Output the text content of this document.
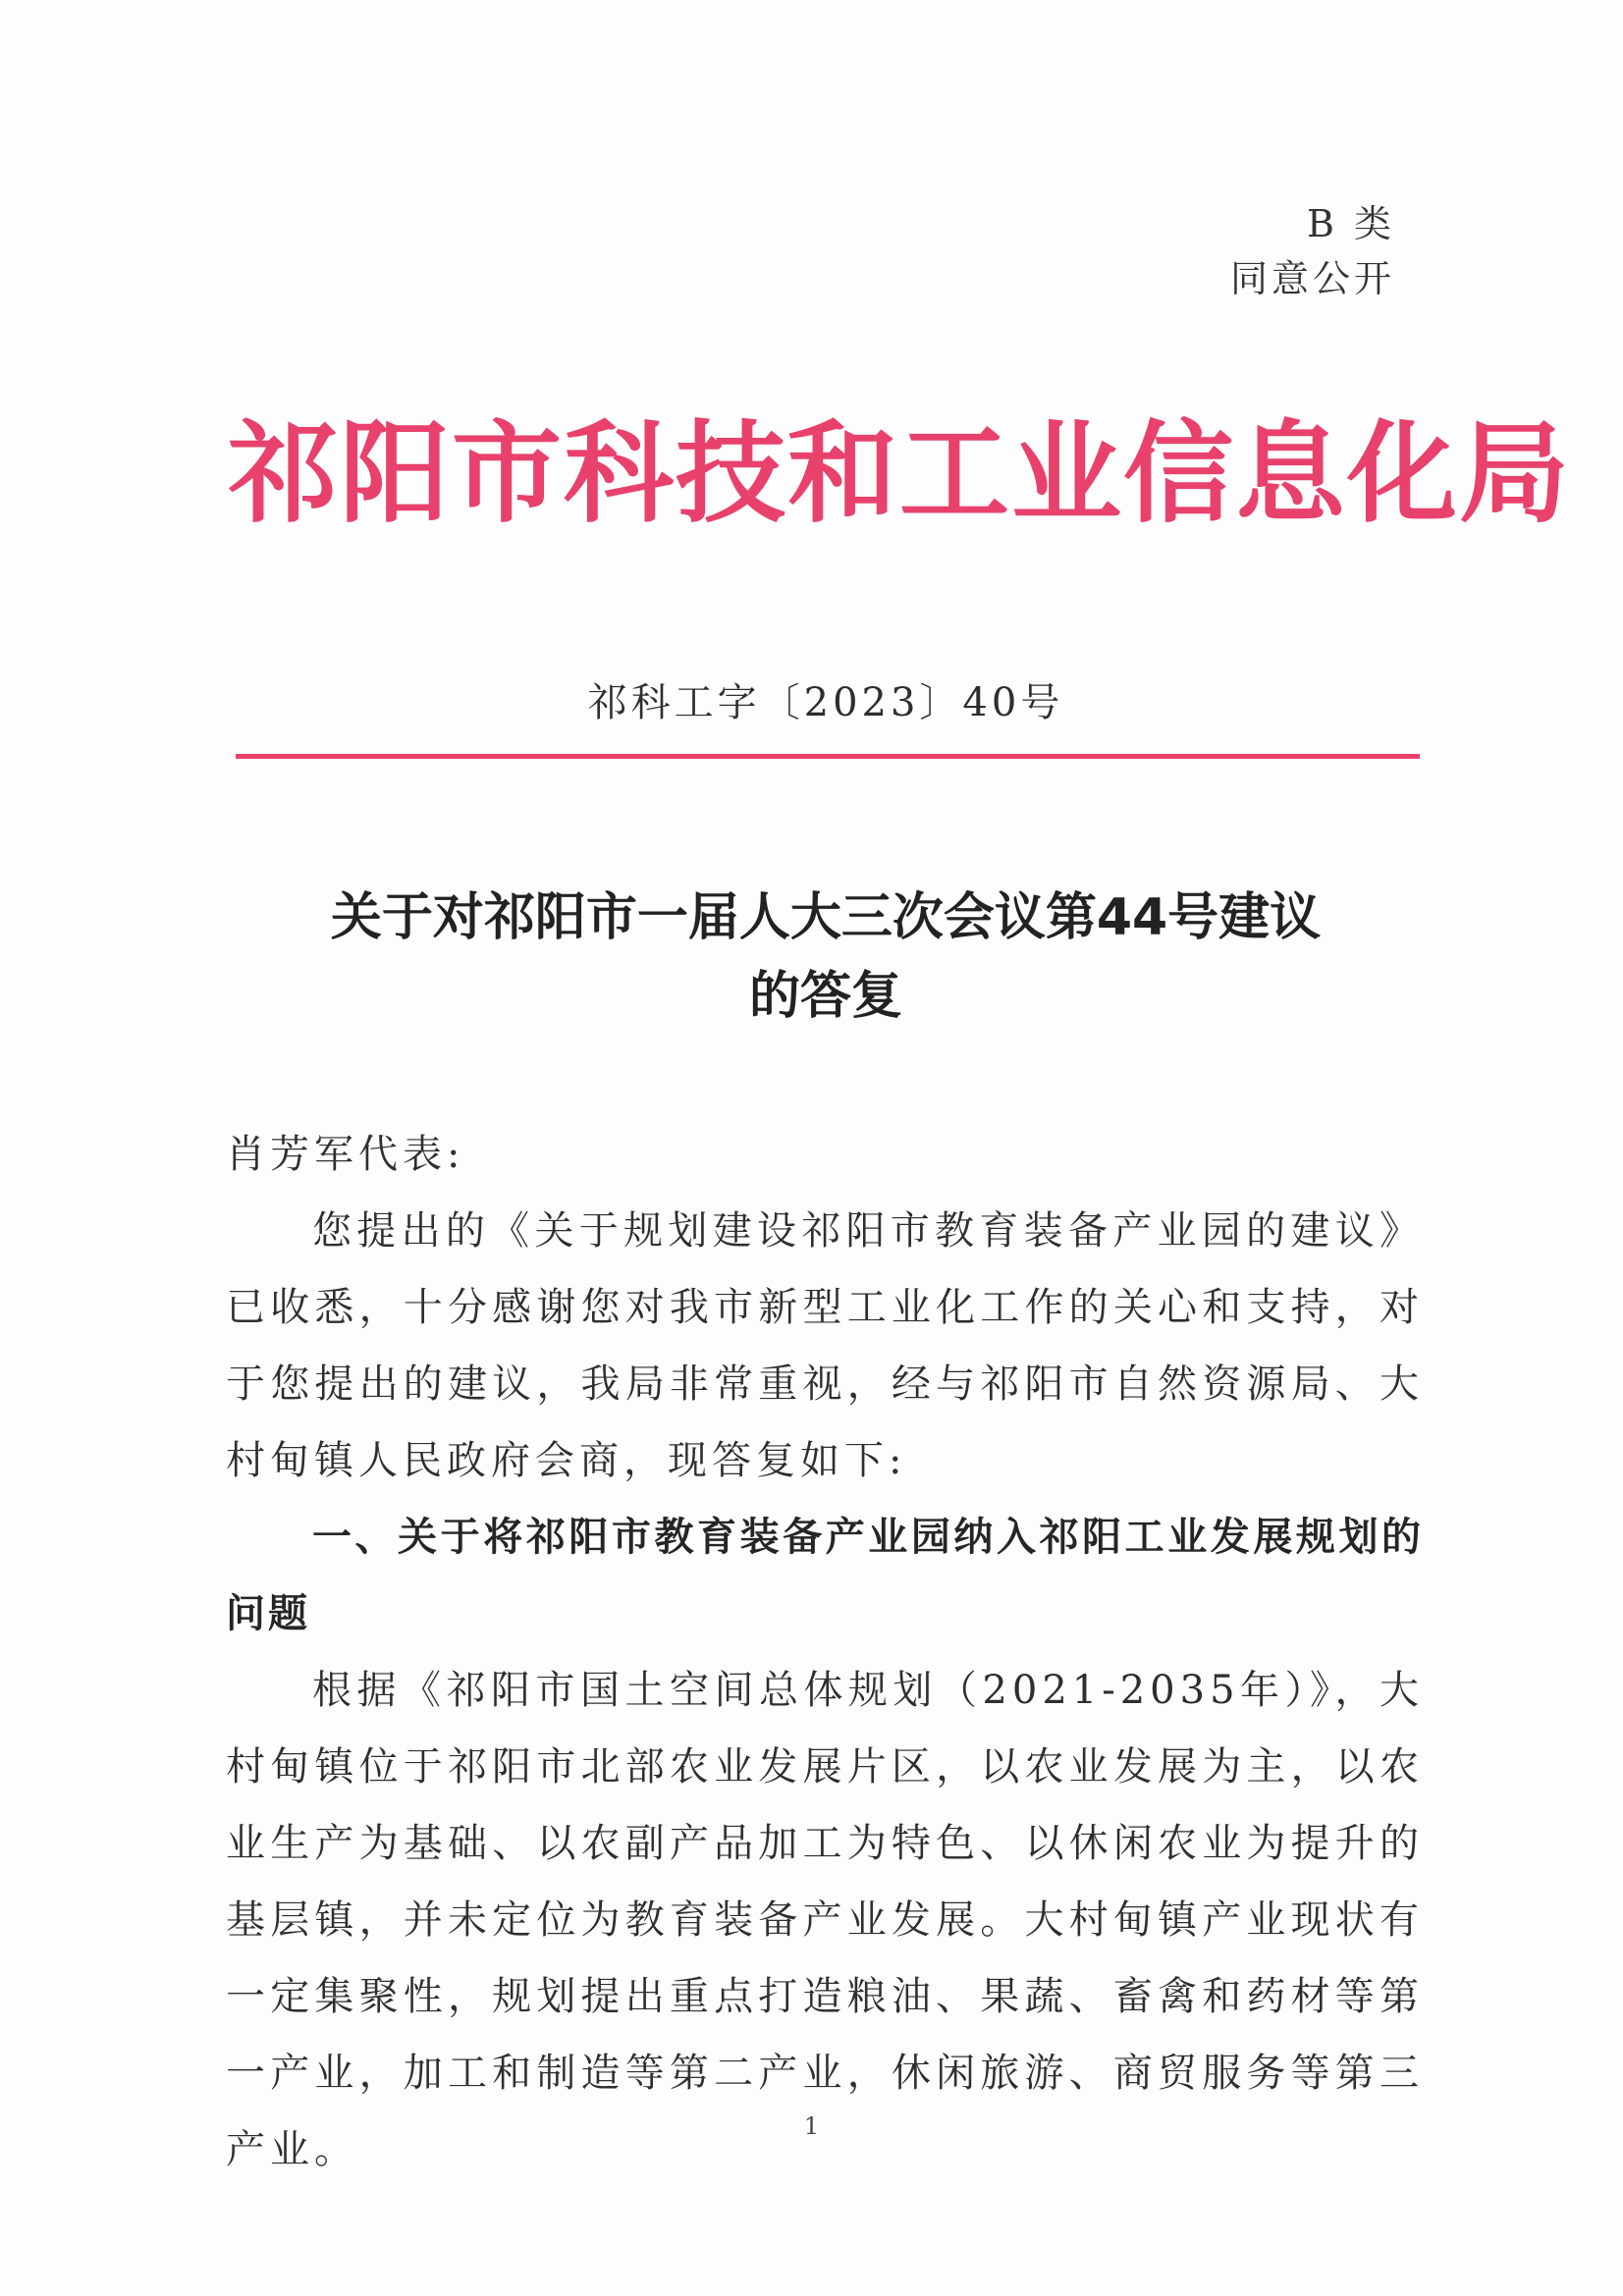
B 类
同意公开
祁阳市科技和工业信息化局
祁科工字〔2023〕40号
关于对祁阳市一届人大三次会议第44号建议
的答复

肖芳军代表:

您提出的《关于规划建设祁阳市教育装备产业园的建议》已收悉，十分感谢您对我市新型工业化工作的关心和支持，对于您提出的建议，我局非常重视，经与祁阳市自然资源局、大村甸镇人民政府会商，现答复如下:

一、关于将祁阳市教育装备产业园纳入祁阳工业发展规划的问题

根据《祁阳市国土空间总体规划（2021-2035年）》，大村甸镇位于祁阳市北部农业发展片区，以农业发展为主，以农业生产为基础、以农副产品加工为特色、以休闲农业为提升的基层镇，并未定位为教育装备产业发展。大村甸镇产业现状有一定集聚性，规划提出重点打造粮油、果蔬、畜禽和药材等第一产业，加工和制造等第二产业，休闲旅游、商贸服务等第三产业。

1
